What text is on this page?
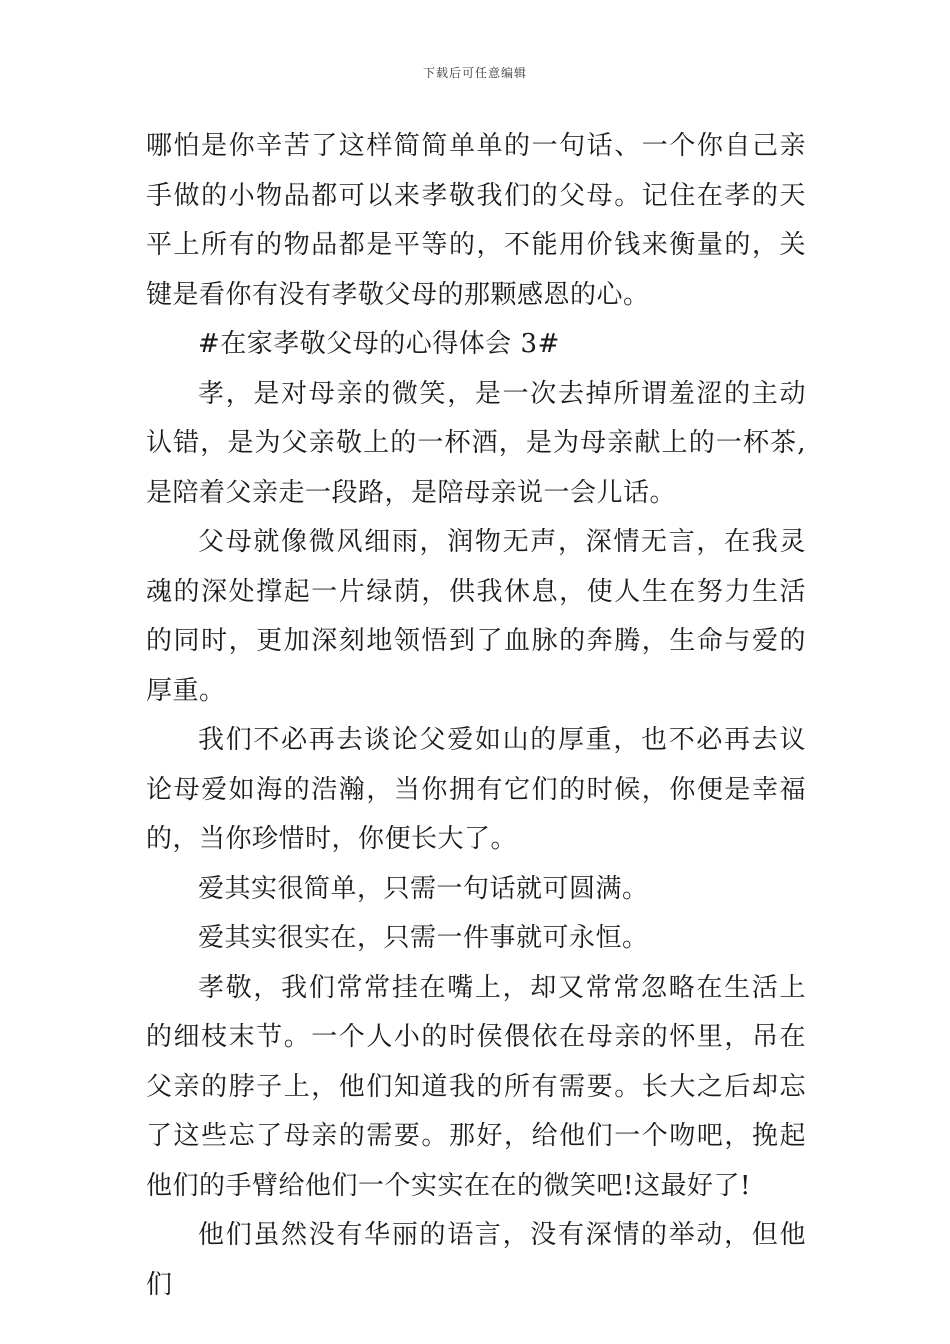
下载后可任意编辑

哪怕是你辛苦了这样简简单单的一句话、一个你自己亲手做的小物品都可以来孝敬我们的父母。记住在孝的天平上所有的物品都是平等的，不能用价钱来衡量的，关键是看你有没有孝敬父母的那颗感恩的心。

#在家孝敬父母的心得体会 3#

孝，是对母亲的微笑，是一次去掉所谓羞涩的主动认错，是为父亲敬上的一杯酒，是为母亲献上的一杯茶,是陪着父亲走一段路，是陪母亲说一会儿话。

父母就像微风细雨，润物无声，深情无言，在我灵魂的深处撑起一片绿荫，供我休息，使人生在努力生活的同时，更加深刻地领悟到了血脉的奔腾，生命与爱的厚重。

我们不必再去谈论父爱如山的厚重，也不必再去议论母爱如海的浩瀚，当你拥有它们的时候，你便是幸福的，当你珍惜时，你便长大了。

爱其实很简单，只需一句话就可圆满。

爱其实很实在，只需一件事就可永恒。

孝敬，我们常常挂在嘴上，却又常常忽略在生活上的细枝末节。一个人小的时侯偎依在母亲的怀里，吊在父亲的脖子上，他们知道我的所有需要。长大之后却忘了这些忘了母亲的需要。那好，给他们一个吻吧，挽起他们的手臂给他们一个实实在在的微笑吧!这最好了!

他们虽然没有华丽的语言，没有深情的举动，但他们
